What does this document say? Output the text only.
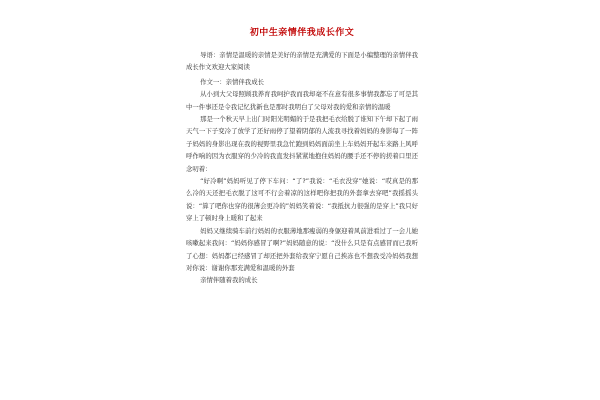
初中生亲情伴我成长作文

导语：亲情是温暖的亲情是美好的亲情是充满爱的下面是小编整理的亲情伴我成长作文欢迎大家阅读

作文一：亲情伴我成长

从小到大父母照顾我养育我呵护我而我却毫不在意有很多事情我都忘了可是其中一件事还是令我记忆犹新也是那时我明白了父母对我的爱和亲情的温暖

那是一个秋天早上出门时阳光明媚的于是我把毛衣给脱了谁知下午却下起了雨天气一下子变冷了放学了还好雨停了望着阴郁的人流我寻找着妈妈的身影每了一阵子妈妈的身影出现在我的视野里我急忙跑到妈妈面前坐上车妈妈开起车来路上风呼呼作响的因为衣服穿的少冷的我直发抖紧紧地抱住妈妈的腰手还不停的搓着口里还念叨着：

“好冷啊”妈妈听见了停下车问：“了?”我说：“毛衣没穿”她说：“哎真是的那么冷的天还把毛衣脱了这可不行会着凉的这样吧你把我的外套拿去穿吧”我摇摇头说：“算了吧你也穿的很薄会更冷的”妈妈笑着说：“我抵抗力很强的是穿上”我只好穿上了顿时身上暖和了起来

妈妈又继续骑车前行妈妈的衣服薄地那瘦弱的身躯迎着风前进看过了一会儿她咳嗽起来我问：“妈妈你感冒了啊?”妈妈随意的说：“没什么只是有点感冒而已我听了心想：妈妈都已经感冒了却还把外套给我穿宁愿自己挨冻也不想我受冷妈妈我想对你说：谢谢你那充满爱和温暖的外套

亲情伴随着我的成长
